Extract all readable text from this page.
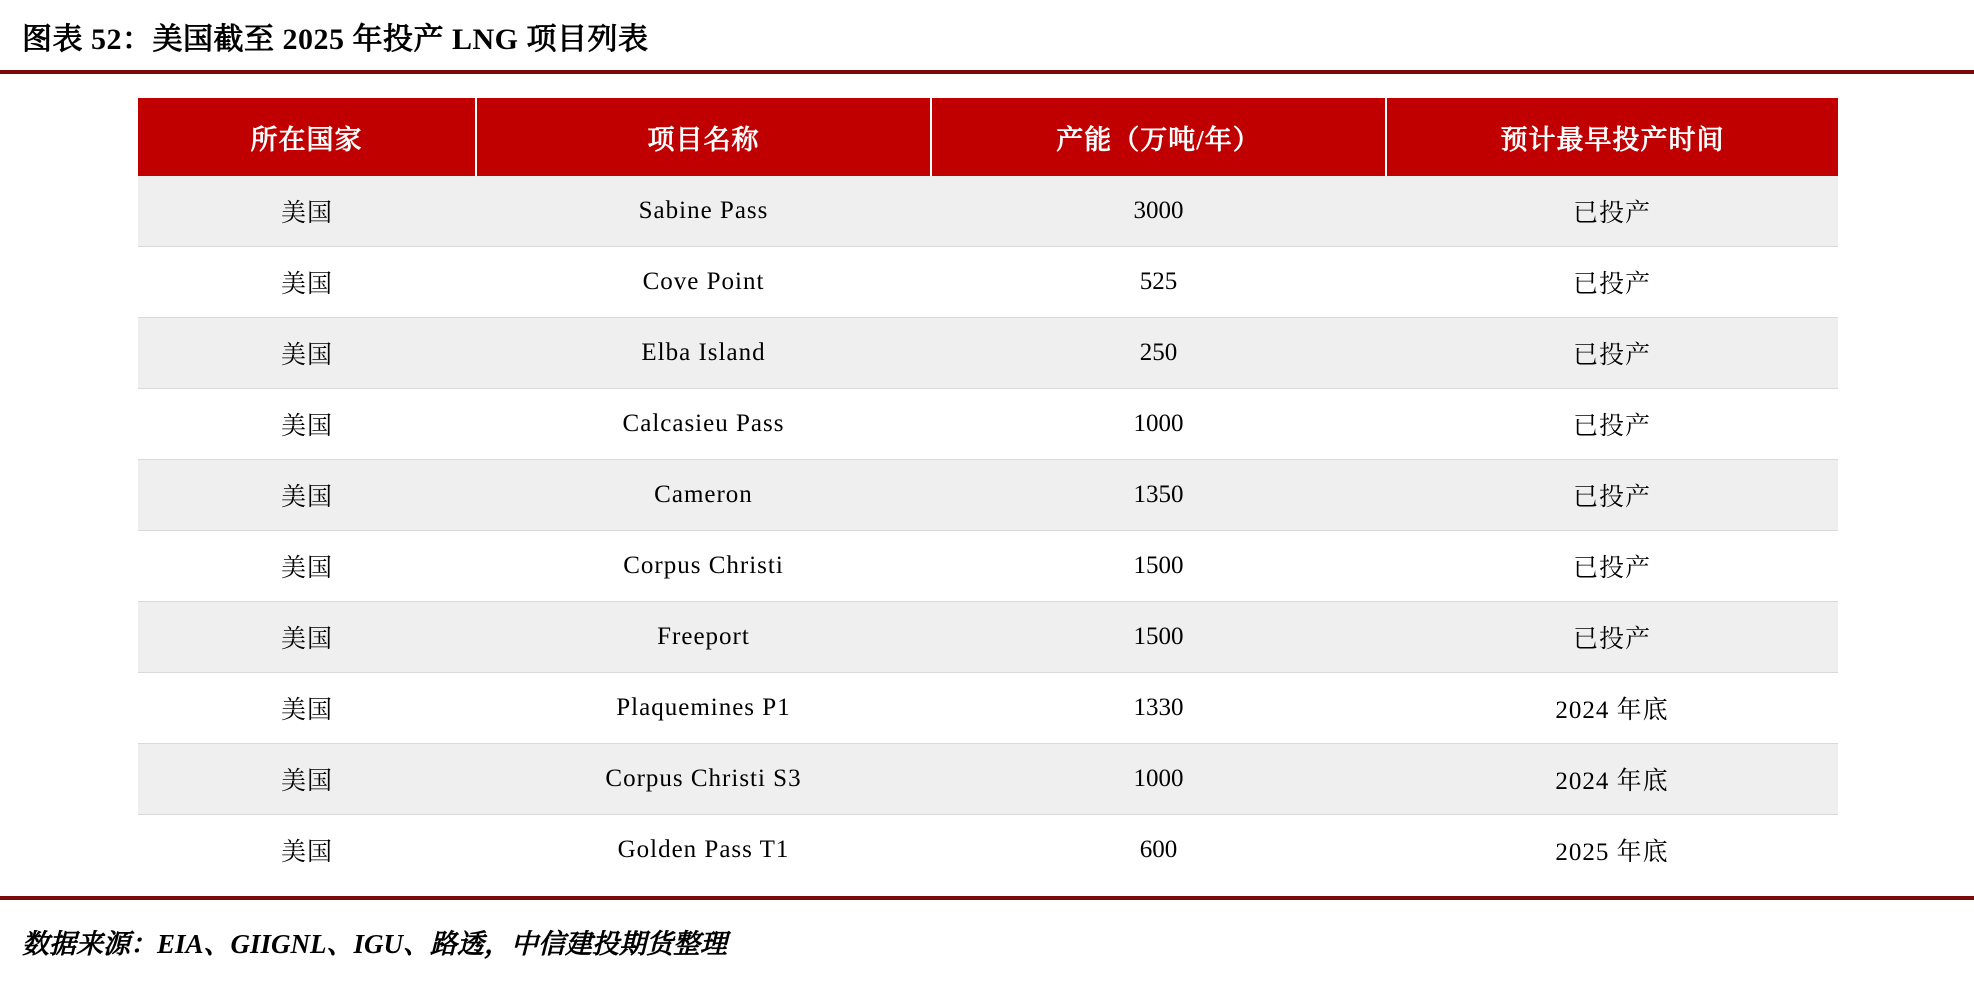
图表 52：美国截至 2025 年投产 LNG 项目列表
所在国家	项目名称	产能（万吨/年）	预计最早投产时间
美国	Sabine Pass	3000	已投产
美国	Cove Point	525	已投产
美国	Elba Island	250	已投产
美国	Calcasieu Pass	1000	已投产
美国	Cameron	1350	已投产
美国	Corpus Christi	1500	已投产
美国	Freeport	1500	已投产
美国	Plaquemines P1	1330	2024 年底
美国	Corpus Christi S3	1000	2024 年底
美国	Golden Pass T1	600	2025 年底
数据来源：EIA、GIIGNL、IGU、路透，中信建投期货整理
